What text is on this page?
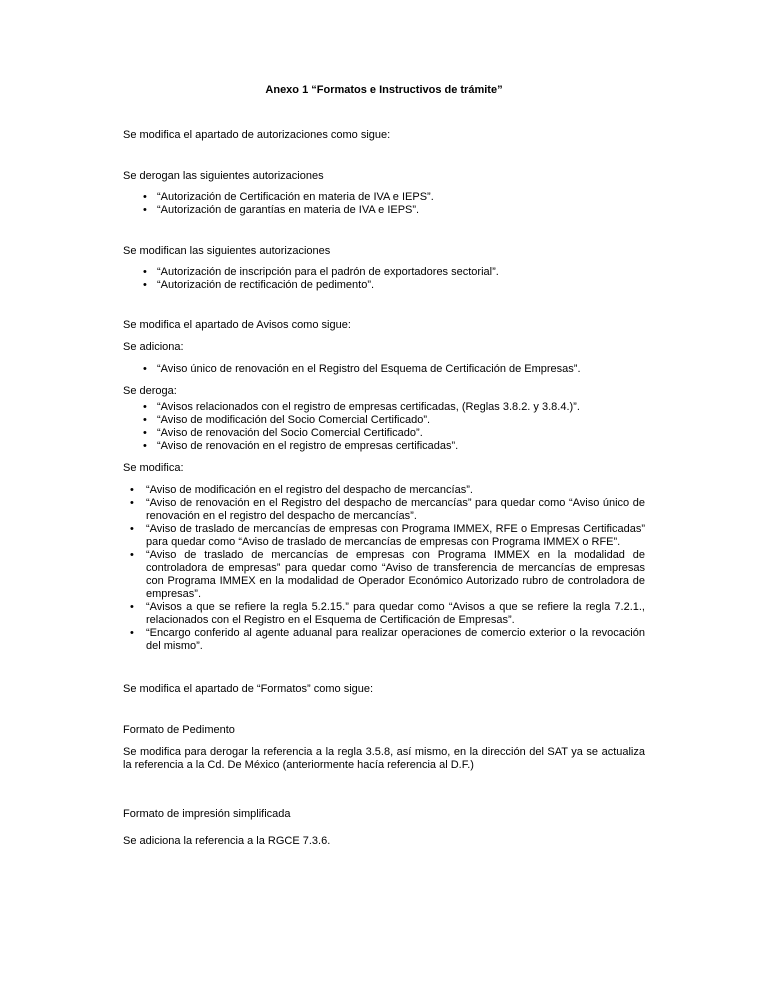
Anexo 1 “Formatos e Instructivos de trámite”

Se modifica el apartado de autorizaciones como sigue:

Se derogan las siguientes autorizaciones

• “Autorización de Certificación en materia de IVA e IEPS”.
• “Autorización de garantías en materia de IVA e IEPS”.

Se modifican las siguientes autorizaciones

• “Autorización de inscripción para el padrón de exportadores sectorial”.
• “Autorización de rectificación de pedimento”.

Se modifica el apartado de Avisos como sigue:

Se adiciona:

• “Aviso único de renovación en el Registro del Esquema de Certificación de Empresas”.

Se deroga:

• “Avisos relacionados con el registro de empresas certificadas, (Reglas 3.8.2. y 3.8.4.)”.
• “Aviso de modificación del Socio Comercial Certificado”.
• “Aviso de renovación del Socio Comercial Certificado”.
• “Aviso de renovación en el registro de empresas certificadas”.

Se modifica:

•	“Aviso de modificación en el registro del despacho de mercancías”.
•	“Aviso de renovación en el Registro del despacho de mercancías” para quedar como “Aviso único de renovación en el registro del despacho de mercancías”.
•	“Aviso de traslado de mercancías de empresas con Programa IMMEX, RFE o Empresas Certificadas” para quedar como “Aviso de traslado de mercancías de empresas con Programa IMMEX o RFE”.
•	“Aviso de traslado de mercancías de empresas con Programa IMMEX en la modalidad de controladora de empresas” para quedar como “Aviso de transferencia de mercancías de empresas con Programa IMMEX en la modalidad de Operador Económico Autorizado rubro de controladora de empresas”.
•	“Avisos a que se refiere la regla 5.2.15.” para quedar como “Avisos a que se refiere la regla 7.2.1., relacionados con el Registro en el Esquema de Certificación de Empresas”.
•	“Encargo conferido al agente aduanal para realizar operaciones de comercio exterior o la revocación del mismo”.

Se modifica el apartado de “Formatos” como sigue:

Formato de Pedimento

Se modifica para derogar la referencia a la regla 3.5.8, así mismo, en la dirección del SAT ya se actualiza la referencia a la Cd. De México (anteriormente hacía referencia al D.F.)

Formato de impresión simplificada

Se adiciona la referencia a la RGCE 7.3.6.
